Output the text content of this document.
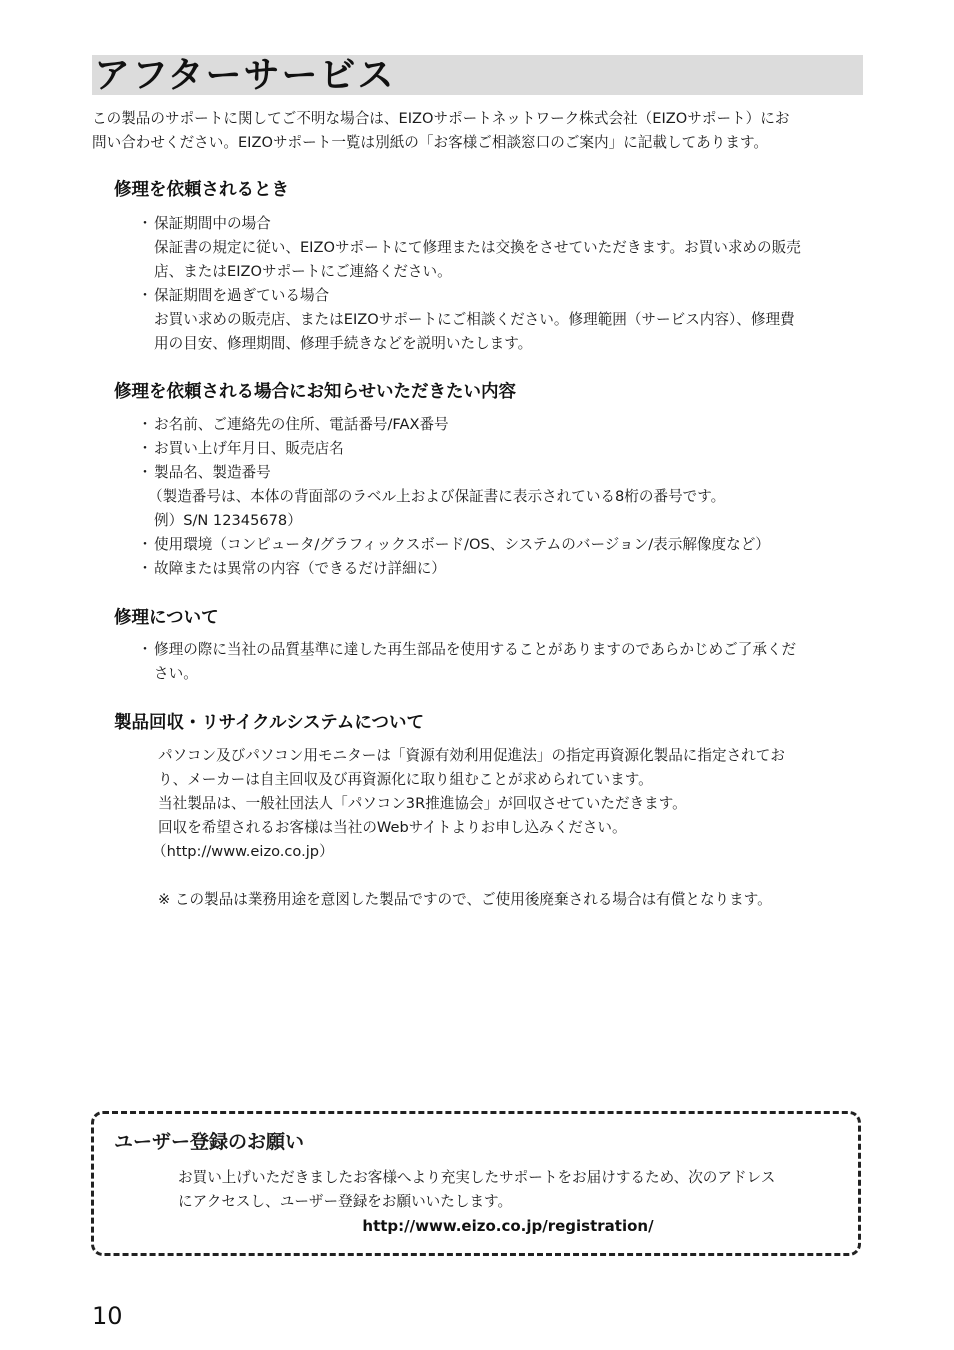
アフターサービス
この製品のサポートに関してご不明な場合は、EIZOサポートネットワーク株式会社（EIZOサポート）にお
問い合わせください。EIZOサポート一覧は別紙の「お客様ご相談窓口のご案内」に記載してあります。
修理を依頼されるとき
・ 保証期間中の場合
保証書の規定に従い、EIZOサポートにて修理または交換をさせていただきます。お買い求めの販売
店、またはEIZOサポートにご連絡ください。
・ 保証期間を過ぎている場合
お買い求めの販売店、またはEIZOサポートにご相談ください。修理範囲（サービス内容）、修理費
用の目安、修理期間、修理手続きなどを説明いたします。
修理を依頼される場合にお知らせいただきたい内容
・ お名前、ご連絡先の住所、電話番号/FAX番号
・ お買い上げ年月日、販売店名
・ 製品名、製造番号
（製造番号は、本体の背面部のラベル上および保証書に表示されている8桁の番号です。
例）S/N 12345678）
・ 使用環境（コンピュータ/グラフィックスボード/OS、システムのバージョン/表示解像度など）
・ 故障または異常の内容（できるだけ詳細に）
修理について
・ 修理の際に当社の品質基準に達した再生部品を使用することがありますのであらかじめご了承くだ
さい。
製品回収・リサイクルシステムについて
パソコン及びパソコン用モニターは「資源有効利用促進法」の指定再資源化製品に指定されてお
り、メーカーは自主回収及び再資源化に取り組むことが求められています。
当社製品は、一般社団法人「パソコン3R推進協会」が回収させていただきます。
回収を希望されるお客様は当社のWebサイトよりお申し込みください。
（http://www.eizo.co.jp）
※ この製品は業務用途を意図した製品ですので、ご使用後廃棄される場合は有償となります。
ユーザー登録のお願い
お買い上げいただきましたお客様へより充実したサポートをお届けするため、次のアドレス
にアクセスし、ユーザー登録をお願いいたします。
http://www.eizo.co.jp/registration/
10
